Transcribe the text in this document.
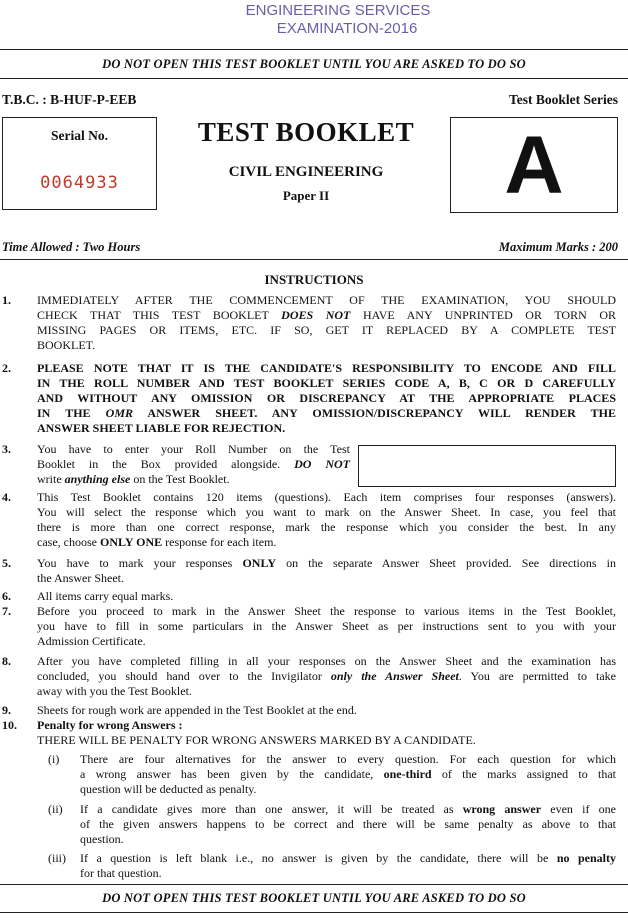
ENGINEERING SERVICES
EXAMINATION-2016
DO NOT OPEN THIS TEST BOOKLET UNTIL YOU ARE ASKED TO DO SO
T.B.C. : B-HUF-P-EEB	Test Booklet Series
Serial No.
0064933
TEST BOOKLET
CIVIL ENGINEERING
Paper II	A
Time Allowed : Two Hours	Maximum Marks : 200
INSTRUCTIONS
1.	IMMEDIATELY AFTER THE COMMENCEMENT OF THE EXAMINATION, YOU SHOULD
CHECK THAT THIS TEST BOOKLET DOES NOT HAVE ANY UNPRINTED OR TORN OR
MISSING PAGES OR ITEMS, ETC. IF SO, GET IT REPLACED BY A COMPLETE TEST
BOOKLET.
2.	PLEASE NOTE THAT IT IS THE CANDIDATE'S RESPONSIBILITY TO ENCODE AND FILL
IN THE ROLL NUMBER AND TEST BOOKLET SERIES CODE A, B, C OR D CAREFULLY
AND WITHOUT ANY OMISSION OR DISCREPANCY AT THE APPROPRIATE PLACES
IN THE OMR ANSWER SHEET. ANY OMISSION/DISCREPANCY WILL RENDER THE
ANSWER SHEET LIABLE FOR REJECTION.
3.	You have to enter your Roll Number on the Test
Booklet in the Box provided alongside. DO NOT
write anything else on the Test Booklet.
4.	This Test Booklet contains 120 items (questions). Each item comprises four responses (answers).
You will select the response which you want to mark on the Answer Sheet. In case, you feel that
there is more than one correct response, mark the response which you consider the best. In any
case, choose ONLY ONE response for each item.
5.	You have to mark your responses ONLY on the separate Answer Sheet provided. See directions in
the Answer Sheet.
6.	All items carry equal marks.
7.	Before you proceed to mark in the Answer Sheet the response to various items in the Test Booklet,
you have to fill in some particulars in the Answer Sheet as per instructions sent to you with your
Admission Certificate.
8.	After you have completed filling in all your responses on the Answer Sheet and the examination has
concluded, you should hand over to the Invigilator only the Answer Sheet. You are permitted to take
away with you the Test Booklet.
9.	Sheets for rough work are appended in the Test Booklet at the end.
10.	Penalty for wrong Answers :
THERE WILL BE PENALTY FOR WRONG ANSWERS MARKED BY A CANDIDATE.
(i) There are four alternatives for the answer to every question. For each question for which
a wrong answer has been given by the candidate, one-third of the marks assigned to that
question will be deducted as penalty.
(ii) If a candidate gives more than one answer, it will be treated as wrong answer even if one
of the given answers happens to be correct and there will be same penalty as above to that
question.
(iii) If a question is left blank i.e., no answer is given by the candidate, there will be no penalty
for that question.
DO NOT OPEN THIS TEST BOOKLET UNTIL YOU ARE ASKED TO DO SO
